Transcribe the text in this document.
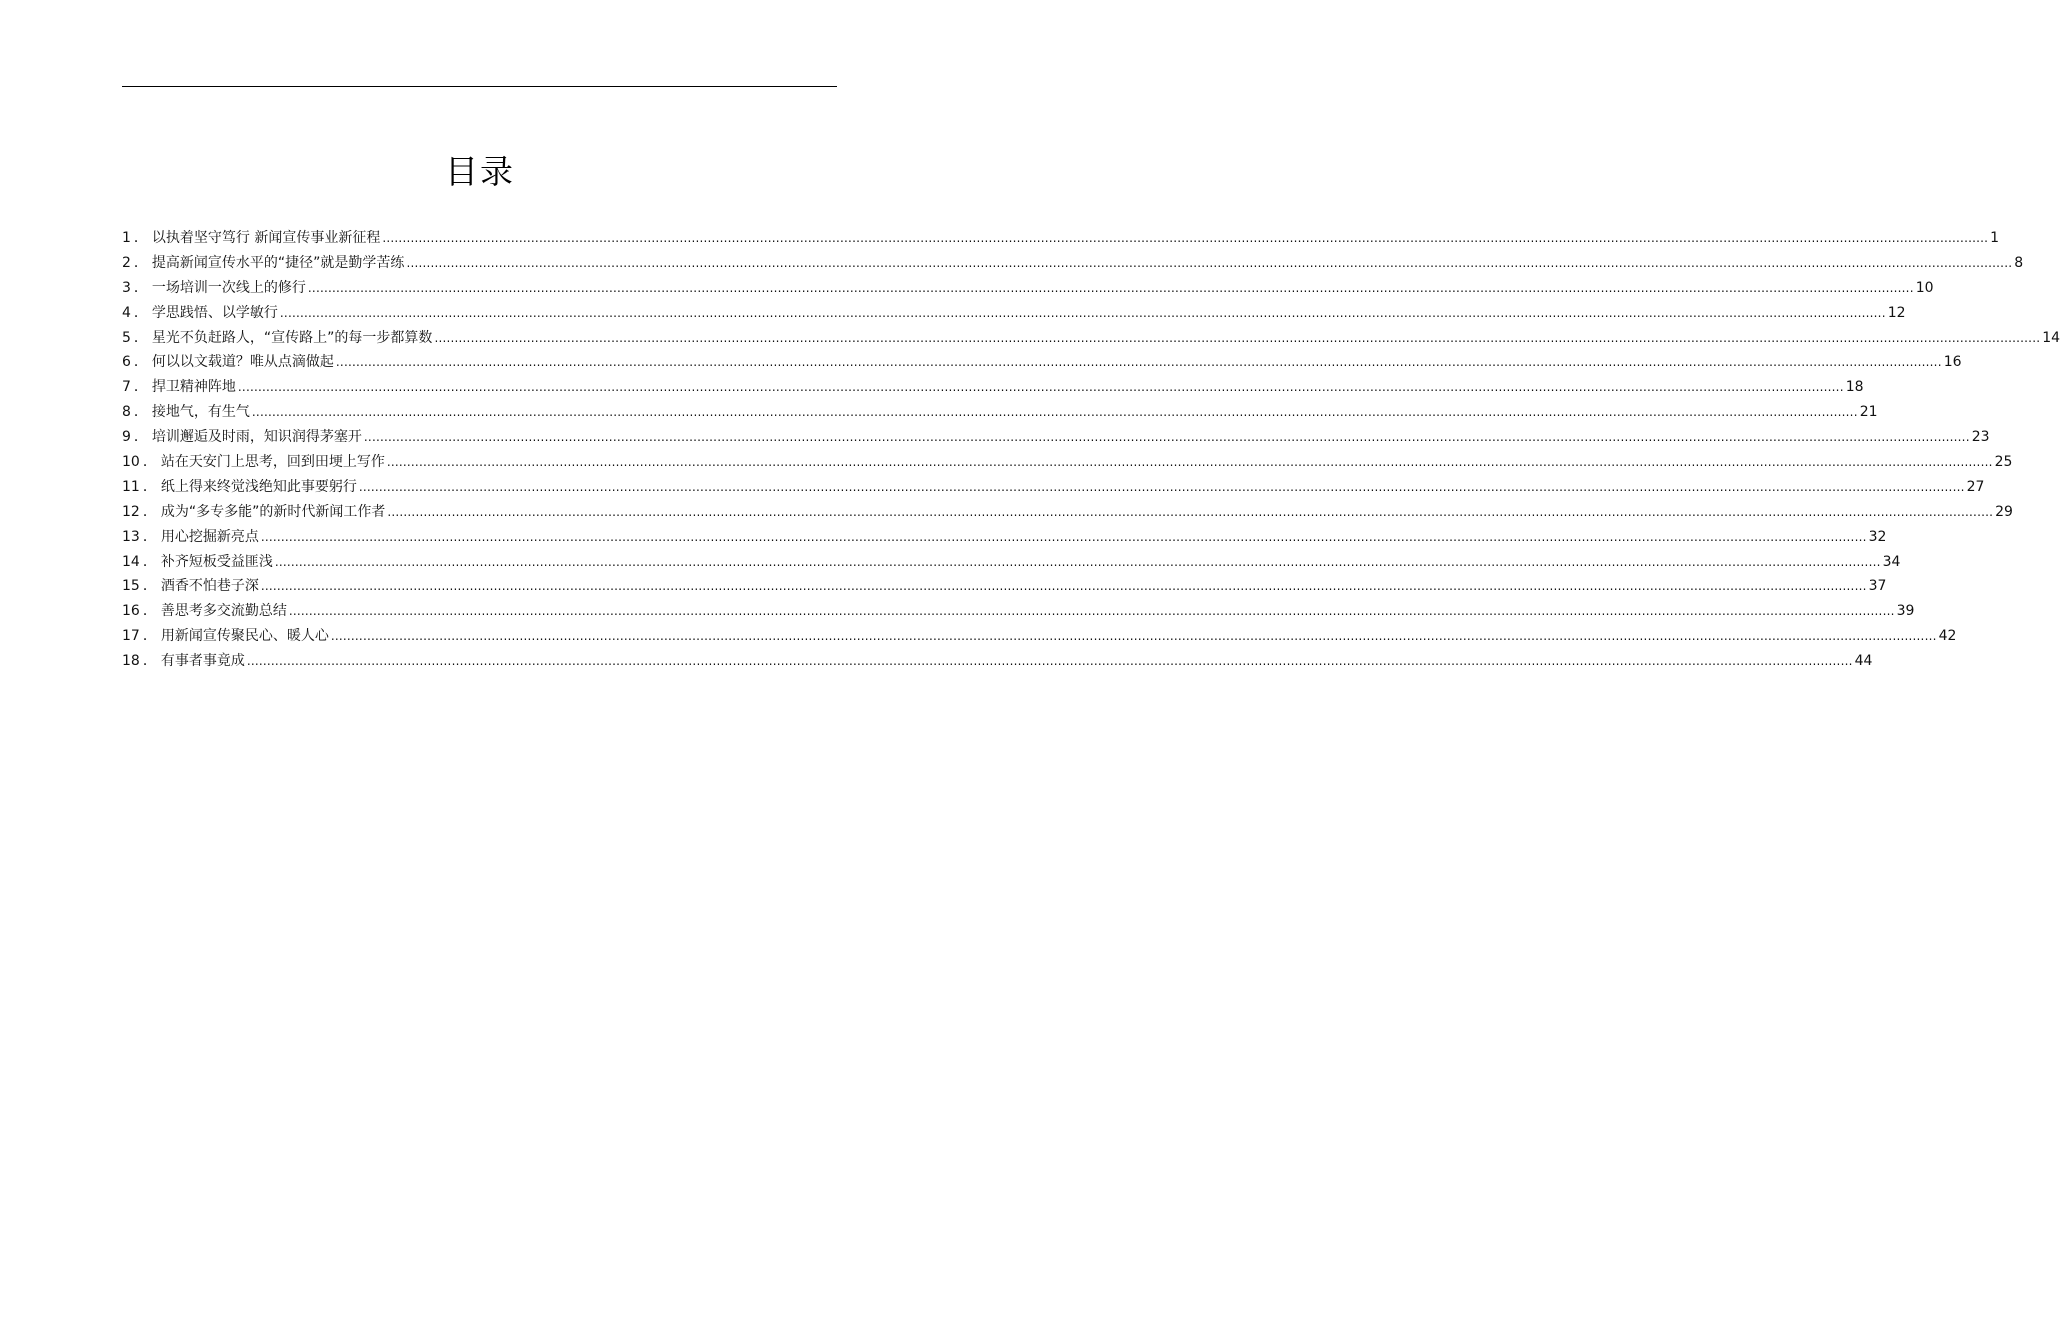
目录
1 ． 以执着坚守笃行 新闻宣传事业新征程 ................................................................................................................................................................................................................................................................................................................................................................................................................ 1
2 ． 提高新闻宣传水平的“捷径”就是勤学苦练 ................................................................................................................................................................................................................................................................................................................................................................................................................ 8
3 ． 一场培训一次线上的修行 ................................................................................................................................................................................................................................................................................................................................................................................................................ 10
4 ． 学思践悟、以学敏行 ................................................................................................................................................................................................................................................................................................................................................................................................................ 12
5 ． 星光不负赶路人，“宣传路上”的每一步都算数 ................................................................................................................................................................................................................................................................................................................................................................................................................ 14
6 ． 何以以文载道？唯从点滴做起 ................................................................................................................................................................................................................................................................................................................................................................................................................ 16
7 ． 捍卫精神阵地 ................................................................................................................................................................................................................................................................................................................................................................................................................ 18
8 ． 接地气，有生气 ................................................................................................................................................................................................................................................................................................................................................................................................................ 21
9 ． 培训邂逅及时雨，知识润得茅塞开 ................................................................................................................................................................................................................................................................................................................................................................................................................ 23
10 ． 站在天安门上思考，回到田埂上写作 ................................................................................................................................................................................................................................................................................................................................................................................................................ 25
11 ． 纸上得来终觉浅绝知此事要躬行 ................................................................................................................................................................................................................................................................................................................................................................................................................ 27
12 ． 成为“多专多能”的新时代新闻工作者 ................................................................................................................................................................................................................................................................................................................................................................................................................ 29
13 ． 用心挖掘新亮点 ................................................................................................................................................................................................................................................................................................................................................................................................................ 32
14 ． 补齐短板受益匪浅 ................................................................................................................................................................................................................................................................................................................................................................................................................ 34
15 ． 酒香不怕巷子深 ................................................................................................................................................................................................................................................................................................................................................................................................................ 37
16 ． 善思考多交流勤总结 ................................................................................................................................................................................................................................................................................................................................................................................................................ 39
17 ． 用新闻宣传聚民心、暖人心 ................................................................................................................................................................................................................................................................................................................................................................................................................ 42
18 ． 有事者事竟成 ................................................................................................................................................................................................................................................................................................................................................................................................................ 44
